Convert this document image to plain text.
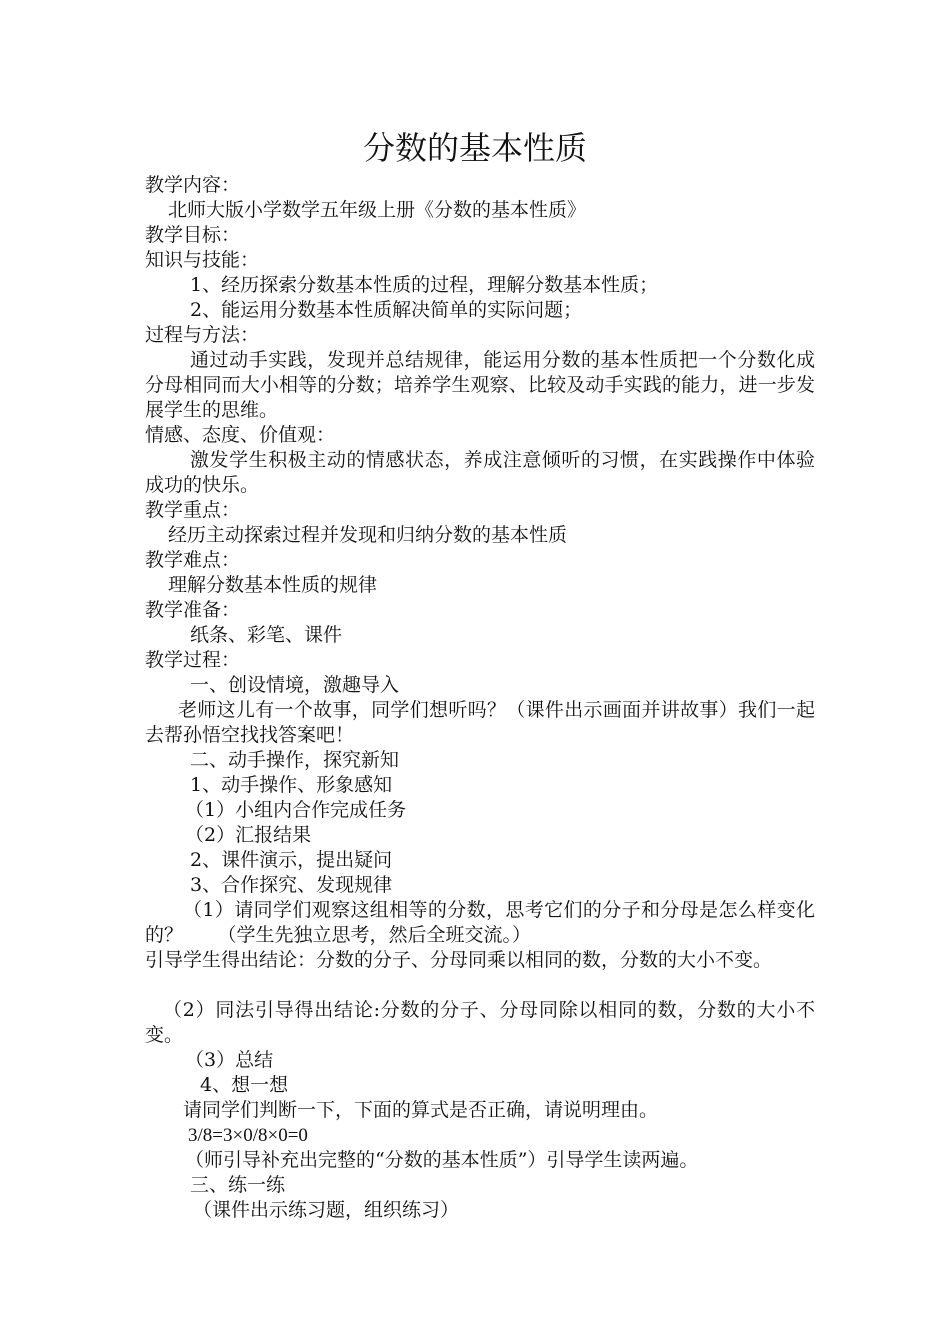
分数的基本性质
教学内容：
北师大版小学数学五年级上册《分数的基本性质》
教学目标：
知识与技能：
1、经历探索分数基本性质的过程，理解分数基本性质；
2、能运用分数基本性质解决简单的实际问题；
过程与方法：
通过动手实践，发现并总结规律，能运用分数的基本性质把一个分数化成分母相同而大小相等的分数；培养学生观察、比较及动手实践的能力，进一步发展学生的思维。
情感、态度、价值观：
激发学生积极主动的情感状态，养成注意倾听的习惯，在实践操作中体验成功的快乐。
教学重点：
经历主动探索过程并发现和归纳分数的基本性质
教学难点：
理解分数基本性质的规律
教学准备：
纸条、彩笔、课件
教学过程：
一、创设情境，激趣导入
老师这儿有一个故事，同学们想听吗？（课件出示画面并讲故事）我们一起去帮孙悟空找找答案吧！
二、动手操作，探究新知
1、动手操作、形象感知
（1）小组内合作完成任务
（2）汇报结果
2、课件演示，提出疑问
3、合作探究、发现规律
（1）请同学们观察这组相等的分数，思考它们的分子和分母是怎么样变化的？ 　　（学生先独立思考，然后全班交流。）
引导学生得出结论：分数的分子、分母同乘以相同的数，分数的大小不变。
（2）同法引导得出结论:分数的分子、分母同除以相同的数，分数的大小不变。
（3）总结
4、想一想
请同学们判断一下，下面的算式是否正确，请说明理由。
3/8=3×0/8×0=0
（师引导补充出完整的“分数的基本性质”）引导学生读两遍。
三、练一练
（课件出示练习题，组织练习）
